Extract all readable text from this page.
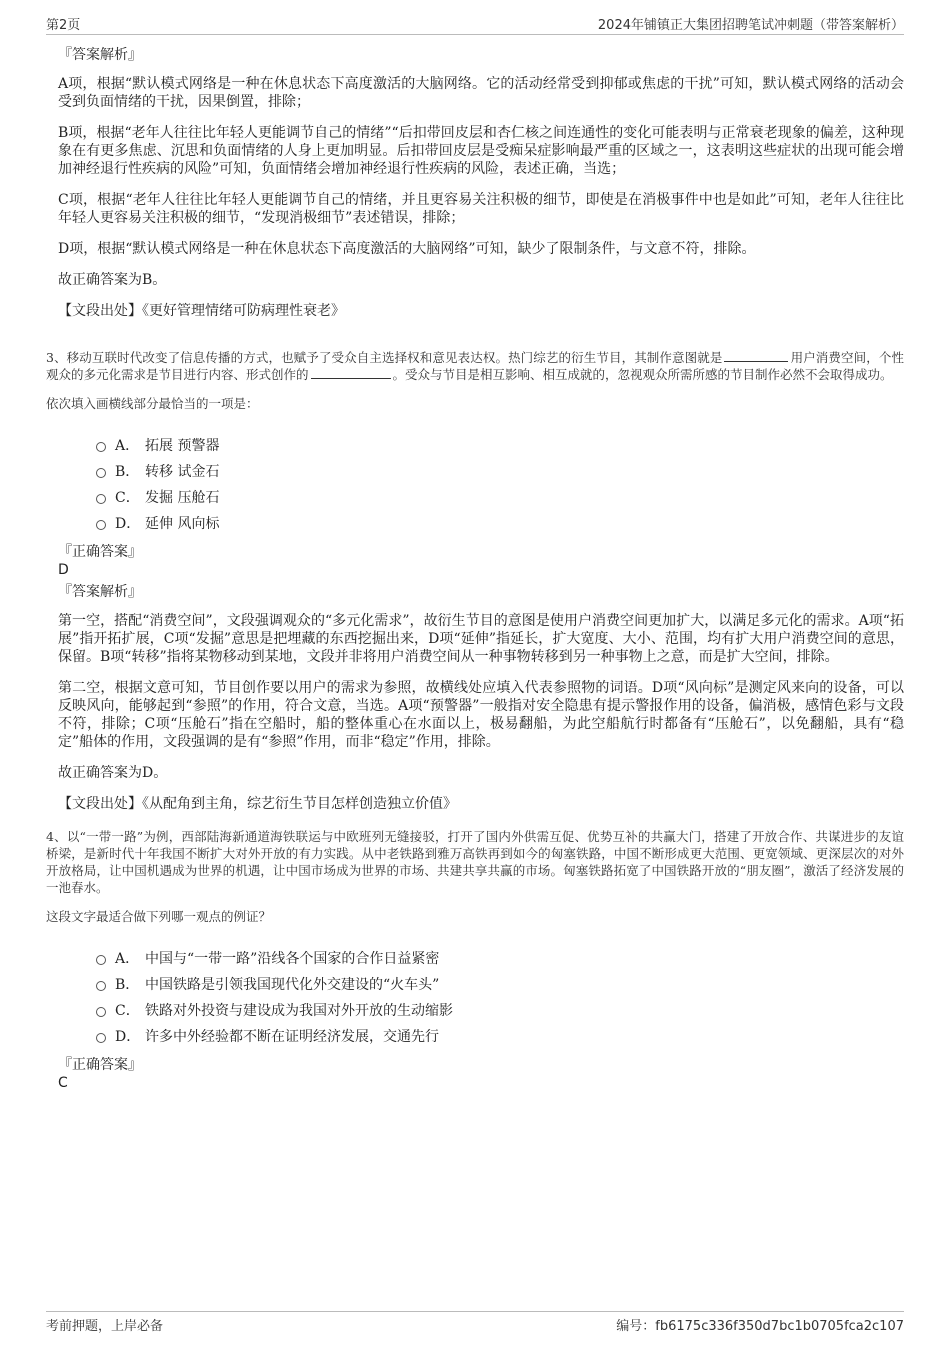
第2页	2024年铺镇正大集团招聘笔试冲刺题（带答案解析）
『答案解析』

A项，根据“默认模式网络是一种在休息状态下高度激活的大脑网络。它的活动经常受到抑郁或焦虑的干扰”可知，默认模式网络的活动会受到负面情绪的干扰，因果倒置，排除；

B项，根据“老年人往往比年轻人更能调节自己的情绪”“后扣带回皮层和杏仁核之间连通性的变化可能表明与正常衰老现象的偏差，这种现象在有更多焦虑、沉思和负面情绪的人身上更加明显。后扣带回皮层是受痴呆症影响最严重的区域之一，这表明这些症状的出现可能会增加神经退行性疾病的风险”可知，负面情绪会增加神经退行性疾病的风险，表述正确，当选；

C项，根据“老年人往往比年轻人更能调节自己的情绪，并且更容易关注积极的细节，即使是在消极事件中也是如此”可知，老年人往往比年轻人更容易关注积极的细节，“发现消极细节”表述错误，排除；

D项，根据“默认模式网络是一种在休息状态下高度激活的大脑网络”可知，缺少了限制条件，与文意不符，排除。

故正确答案为B。

【文段出处】《更好管理情绪可防病理性衰老》

3、移动互联时代改变了信息传播的方式，也赋予了受众自主选择权和意见表达权。热门综艺的衍生节目，其制作意图就是	用户消费空间，个性观众的多元化需求是节目进行内容、形式创作的	。受众与节目是相互影响、相互成就的，忽视观众所需所感的节目制作必然不会取得成功。

依次填入画横线部分最恰当的一项是：
A． 拓展 预警器
B． 转移 试金石
C． 发掘 压舱石
D． 延伸 风向标
『正确答案』
D
『答案解析』

第一空，搭配“消费空间”，文段强调观众的“多元化需求”，故衍生节目的意图是使用户消费空间更加扩大，以满足多元化的需求。A项“拓展”指开拓扩展，C项“发掘”意思是把埋藏的东西挖掘出来，D项“延伸”指延长，扩大宽度、大小、范围，均有扩大用户消费空间的意思，保留。B项“转移”指将某物移动到某地，文段并非将用户消费空间从一种事物转移到另一种事物上之意，而是扩大空间，排除。

第二空，根据文意可知，节目创作要以用户的需求为参照，故横线处应填入代表参照物的词语。D项“风向标”是测定风来向的设备，可以反映风向，能够起到“参照”的作用，符合文意，当选。A项“预警器”一般指对安全隐患有提示警报作用的设备，偏消极，感情色彩与文段不符，排除；C项“压舱石”指在空船时，船的整体重心在水面以上，极易翻船，为此空船航行时都备有“压舱石”，以免翻船，具有“稳定”船体的作用，文段强调的是有“参照”作用，而非“稳定”作用，排除。

故正确答案为D。

【文段出处】《从配角到主角，综艺衍生节目怎样创造独立价值》

4、以“一带一路”为例，西部陆海新通道海铁联运与中欧班列无缝接驳，打开了国内外供需互促、优势互补的共赢大门，搭建了开放合作、共谋进步的友谊桥梁，是新时代十年我国不断扩大对外开放的有力实践。从中老铁路到雅万高铁再到如今的匈塞铁路，中国不断形成更大范围、更宽领域、更深层次的对外开放格局，让中国机遇成为世界的机遇，让中国市场成为世界的市场、共建共享共赢的市场。匈塞铁路拓宽了中国铁路开放的“朋友圈”，激活了经济发展的一池春水。

这段文字最适合做下列哪一观点的例证？
A． 中国与“一带一路”沿线各个国家的合作日益紧密
B． 中国铁路是引领我国现代化外交建设的“火车头”
C． 铁路对外投资与建设成为我国对外开放的生动缩影
D． 许多中外经验都不断在证明经济发展，交通先行
『正确答案』
C
考前押题，上岸必备	编号：fb6175c336f350d7bc1b0705fca2c107
